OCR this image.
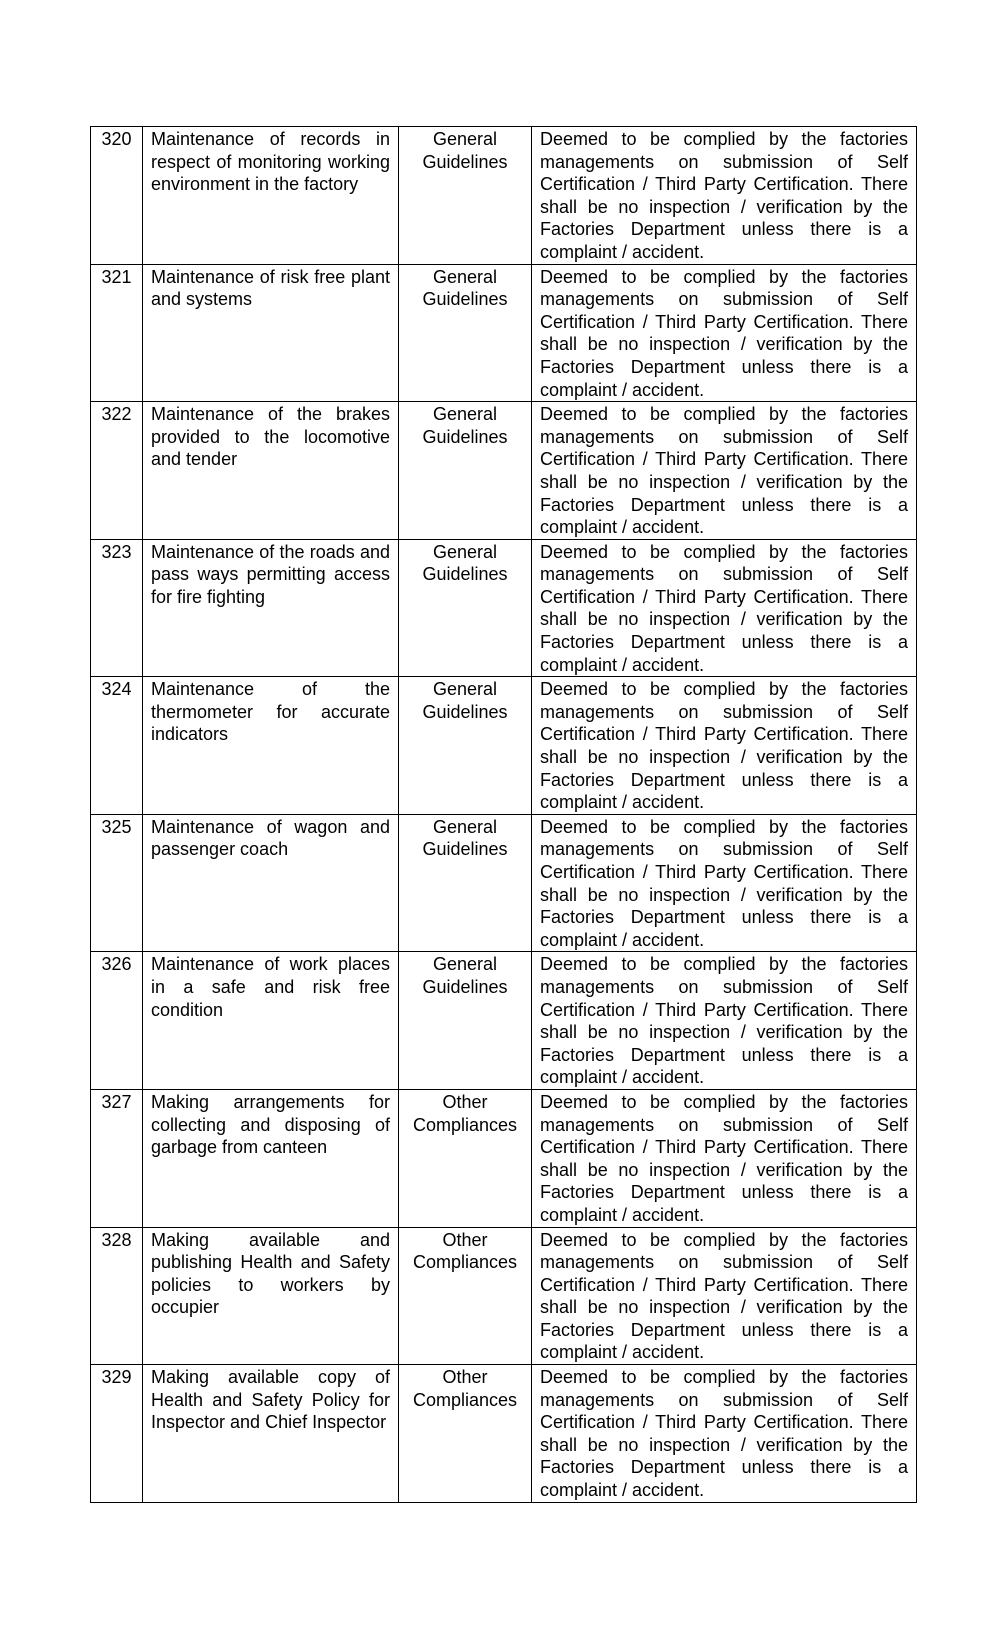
320	Maintenance of records in respect of monitoring working environment in the factory	General Guidelines	Deemed to be complied by the factories managements on submission of Self Certification / Third Party Certification. There shall be no inspection / verification by the Factories Department unless there is a complaint / accident.
321	Maintenance of risk free plant and systems	General Guidelines	Deemed to be complied by the factories managements on submission of Self Certification / Third Party Certification. There shall be no inspection / verification by the Factories Department unless there is a complaint / accident.
322	Maintenance of the brakes provided to the locomotive and tender	General Guidelines	Deemed to be complied by the factories managements on submission of Self Certification / Third Party Certification. There shall be no inspection / verification by the Factories Department unless there is a complaint / accident.
323	Maintenance of the roads and pass ways permitting access for fire fighting	General Guidelines	Deemed to be complied by the factories managements on submission of Self Certification / Third Party Certification. There shall be no inspection / verification by the Factories Department unless there is a complaint / accident.
324	Maintenance of the thermometer for accurate indicators	General Guidelines	Deemed to be complied by the factories managements on submission of Self Certification / Third Party Certification. There shall be no inspection / verification by the Factories Department unless there is a complaint / accident.
325	Maintenance of wagon and passenger coach	General Guidelines	Deemed to be complied by the factories managements on submission of Self Certification / Third Party Certification. There shall be no inspection / verification by the Factories Department unless there is a complaint / accident.
326	Maintenance of work places in a safe and risk free condition	General Guidelines	Deemed to be complied by the factories managements on submission of Self Certification / Third Party Certification. There shall be no inspection / verification by the Factories Department unless there is a complaint / accident.
327	Making arrangements for collecting and disposing of garbage from canteen	Other Compliances	Deemed to be complied by the factories managements on submission of Self Certification / Third Party Certification. There shall be no inspection / verification by the Factories Department unless there is a complaint / accident.
328	Making available and publishing Health and Safety policies to workers by occupier	Other Compliances	Deemed to be complied by the factories managements on submission of Self Certification / Third Party Certification. There shall be no inspection / verification by the Factories Department unless there is a complaint / accident.
329	Making available copy of Health and Safety Policy for Inspector and Chief Inspector	Other Compliances	Deemed to be complied by the factories managements on submission of Self Certification / Third Party Certification. There shall be no inspection / verification by the Factories Department unless there is a complaint / accident.
